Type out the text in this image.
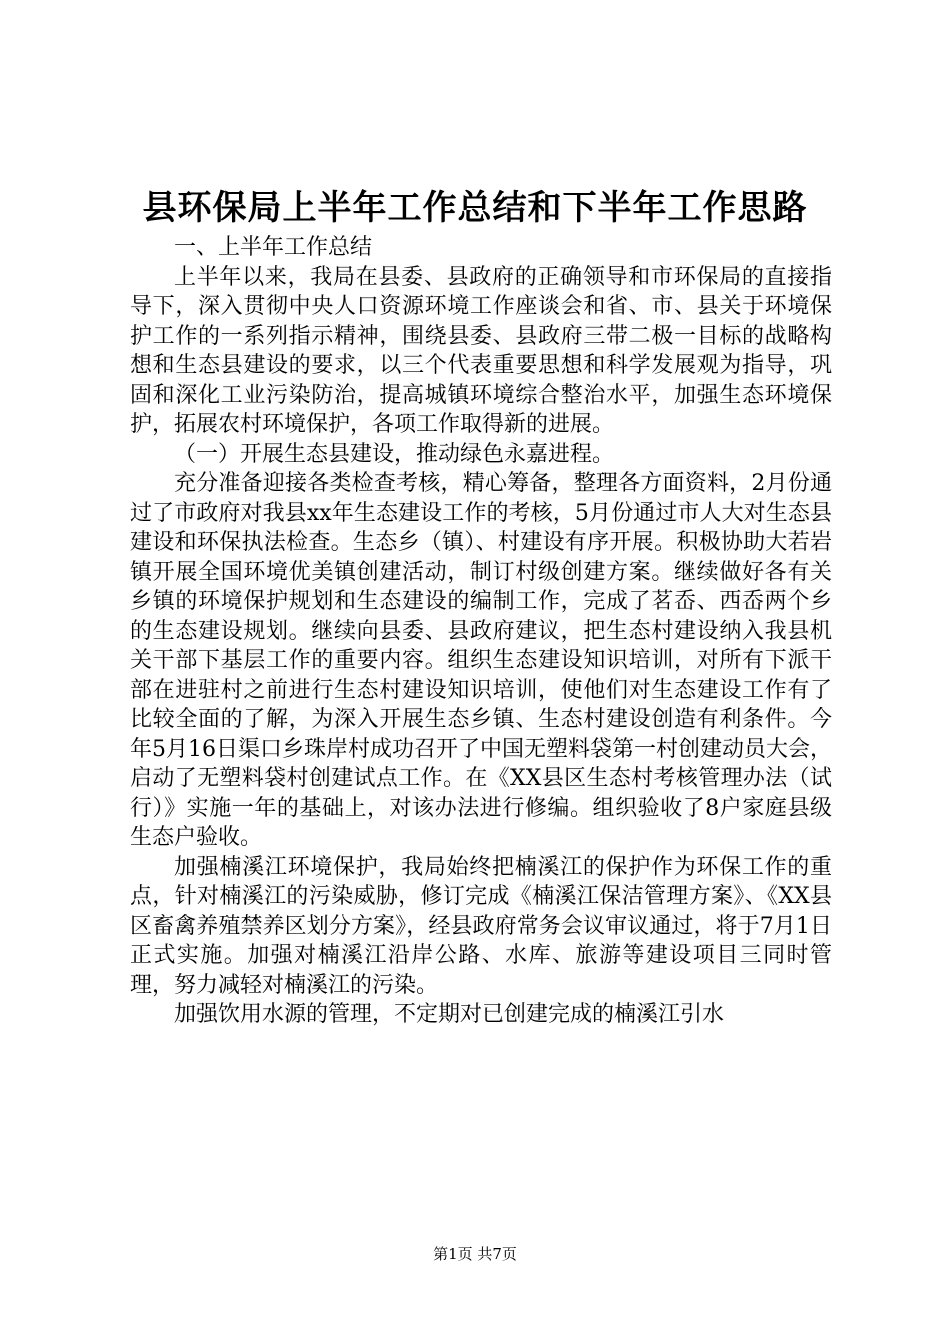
县环保局上半年工作总结和下半年工作思路

一、上半年工作总结

上半年以来，我局在县委、县政府的正确领导和市环保局的直接指导下，深入贯彻中央人口资源环境工作座谈会和省、市、县关于环境保护工作的一系列指示精神，围绕县委、县政府三带二极一目标的战略构想和生态县建设的要求，以三个代表重要思想和科学发展观为指导，巩固和深化工业污染防治，提高城镇环境综合整治水平，加强生态环境保护，拓展农村环境保护，各项工作取得新的进展。

（一）开展生态县建设，推动绿色永嘉进程。

充分准备迎接各类检查考核，精心筹备，整理各方面资料，2月份通过了市政府对我县xx年生态建设工作的考核，5月份通过市人大对生态县建设和环保执法检查。生态乡（镇）、村建设有序开展。积极协助大若岩镇开展全国环境优美镇创建活动，制订村级创建方案。继续做好各有关乡镇的环境保护规划和生态建设的编制工作，完成了茗岙、西岙两个乡的生态建设规划。继续向县委、县政府建议，把生态村建设纳入我县机关干部下基层工作的重要内容。组织生态建设知识培训，对所有下派干部在进驻村之前进行生态村建设知识培训，使他们对生态建设工作有了比较全面的了解，为深入开展生态乡镇、生态村建设创造有利条件。今年5月16日渠口乡珠岸村成功召开了中国无塑料袋第一村创建动员大会，启动了无塑料袋村创建试点工作。在《XX县区生态村考核管理办法（试行）》实施一年的基础上，对该办法进行修编。组织验收了8户家庭县级生态户验收。

加强楠溪江环境保护，我局始终把楠溪江的保护作为环保工作的重点，针对楠溪江的污染威胁，修订完成《楠溪江保洁管理方案》、《XX县区畜禽养殖禁养区划分方案》，经县政府常务会议审议通过，将于7月1日正式实施。加强对楠溪江沿岸公路、水库、旅游等建设项目三同时管理，努力减轻对楠溪江的污染。

加强饮用水源的管理，不定期对已创建完成的楠溪江引水

第1页 共7页
